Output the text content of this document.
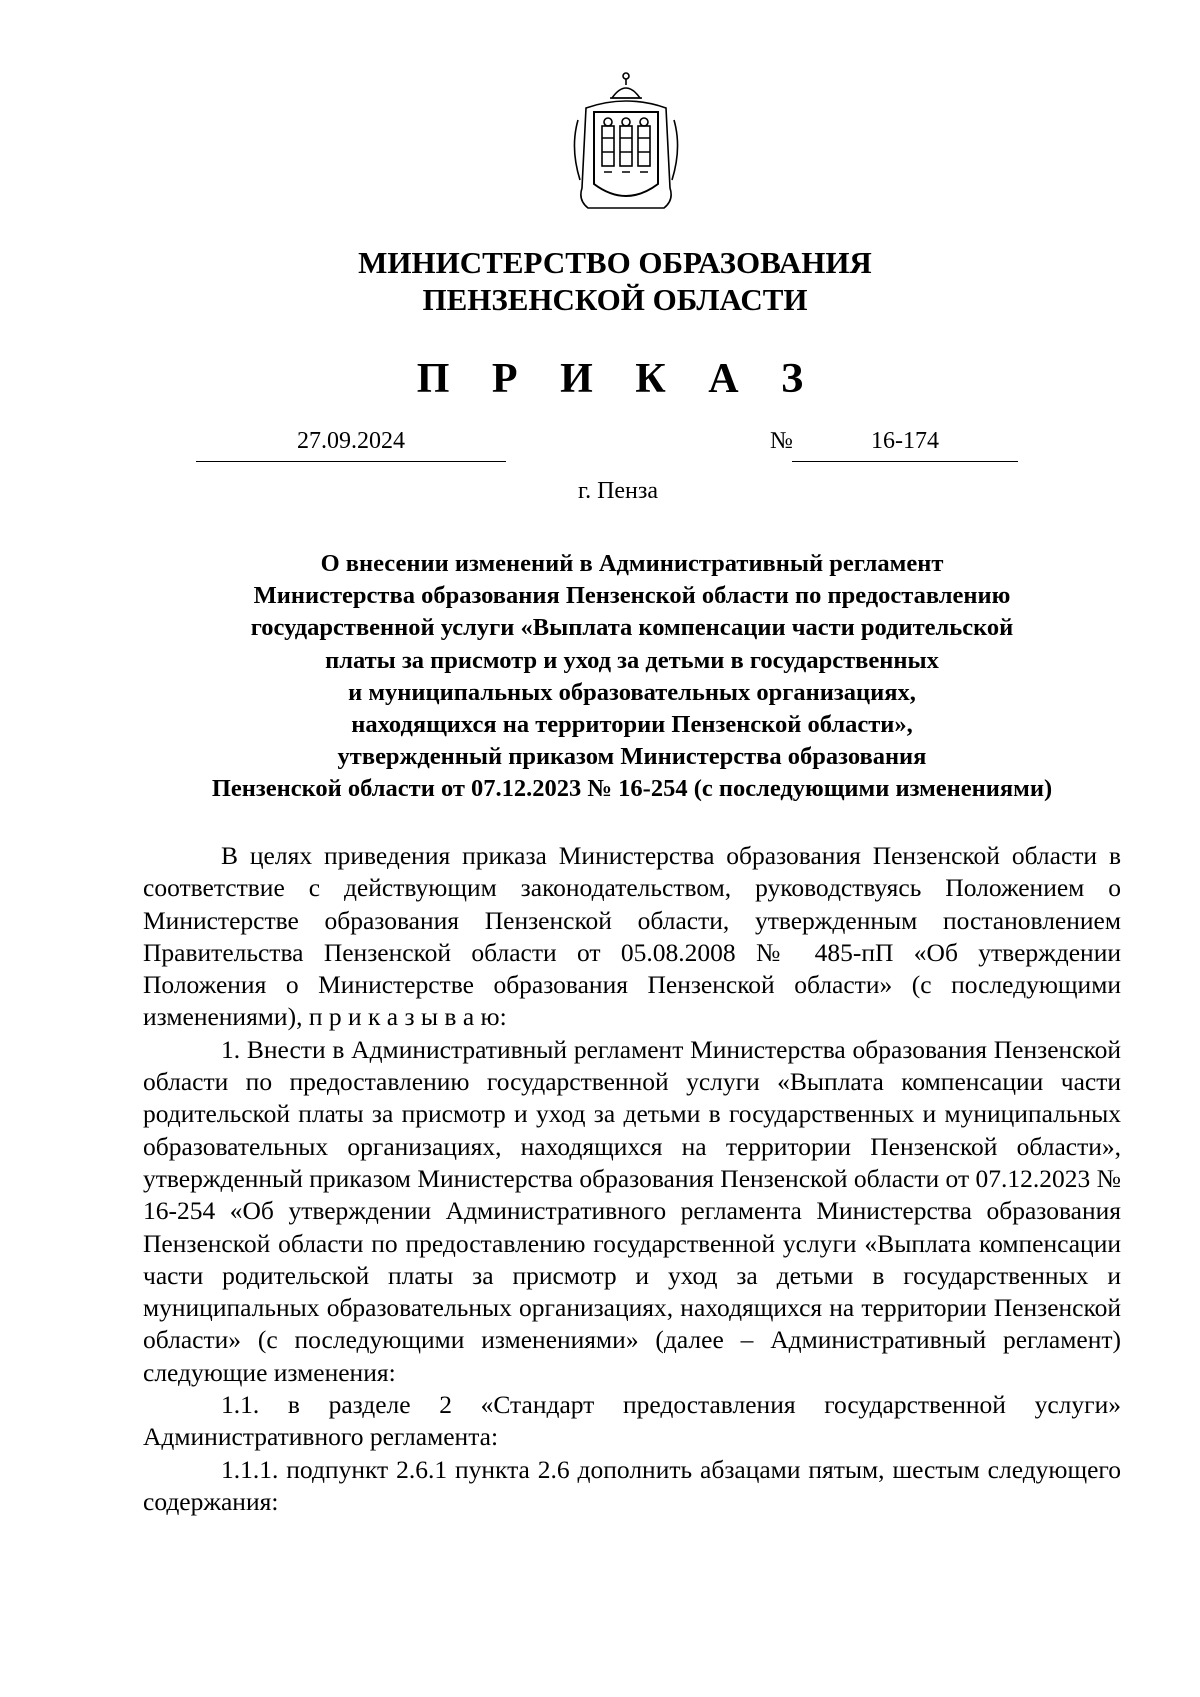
МИНИСТЕРСТВО ОБРАЗОВАНИЯ
ПЕНЗЕНСКОЙ ОБЛАСТИ
П Р И К А З
27.09.2024	№	16-174
г. Пенза
О внесении изменений в Административный регламент
Министерства образования Пензенской области по предоставлению
государственной услуги «Выплата компенсации части родительской
платы за присмотр и уход за детьми в государственных
и муниципальных образовательных организациях,
находящихся на территории Пензенской области»,
утвержденный приказом Министерства образования
Пензенской области от 07.12.2023 № 16-254 (с последующими изменениями)

В целях приведения приказа Министерства образования Пензенской области в соответствие с действующим законодательством, руководствуясь Положением о Министерстве образования Пензенской области, утвержденным постановлением Правительства Пензенской области от 05.08.2008 № 485-пП «Об утверждении Положения о Министерстве образования Пензенской области» (с последующими изменениями), п р и к а з ы в а ю:

1. Внести в Административный регламент Министерства образования Пензенской области по предоставлению государственной услуги «Выплата компенсации части родительской платы за присмотр и уход за детьми в государственных и муниципальных образовательных организациях, находящихся на территории Пензенской области», утвержденный приказом Министерства образования Пензенской области от 07.12.2023 № 16-254 «Об утверждении Административного регламента Министерства образования Пензенской области по предоставлению государственной услуги «Выплата компенсации части родительской платы за присмотр и уход за детьми в государственных и муниципальных образовательных организациях, находящихся на территории Пензенской области» (с последующими изменениями» (далее – Административный регламент) следующие изменения:

1.1. в разделе 2 «Стандарт предоставления государственной услуги» Административного регламента:

1.1.1. подпункт 2.6.1 пункта 2.6 дополнить абзацами пятым, шестым следующего содержания:
